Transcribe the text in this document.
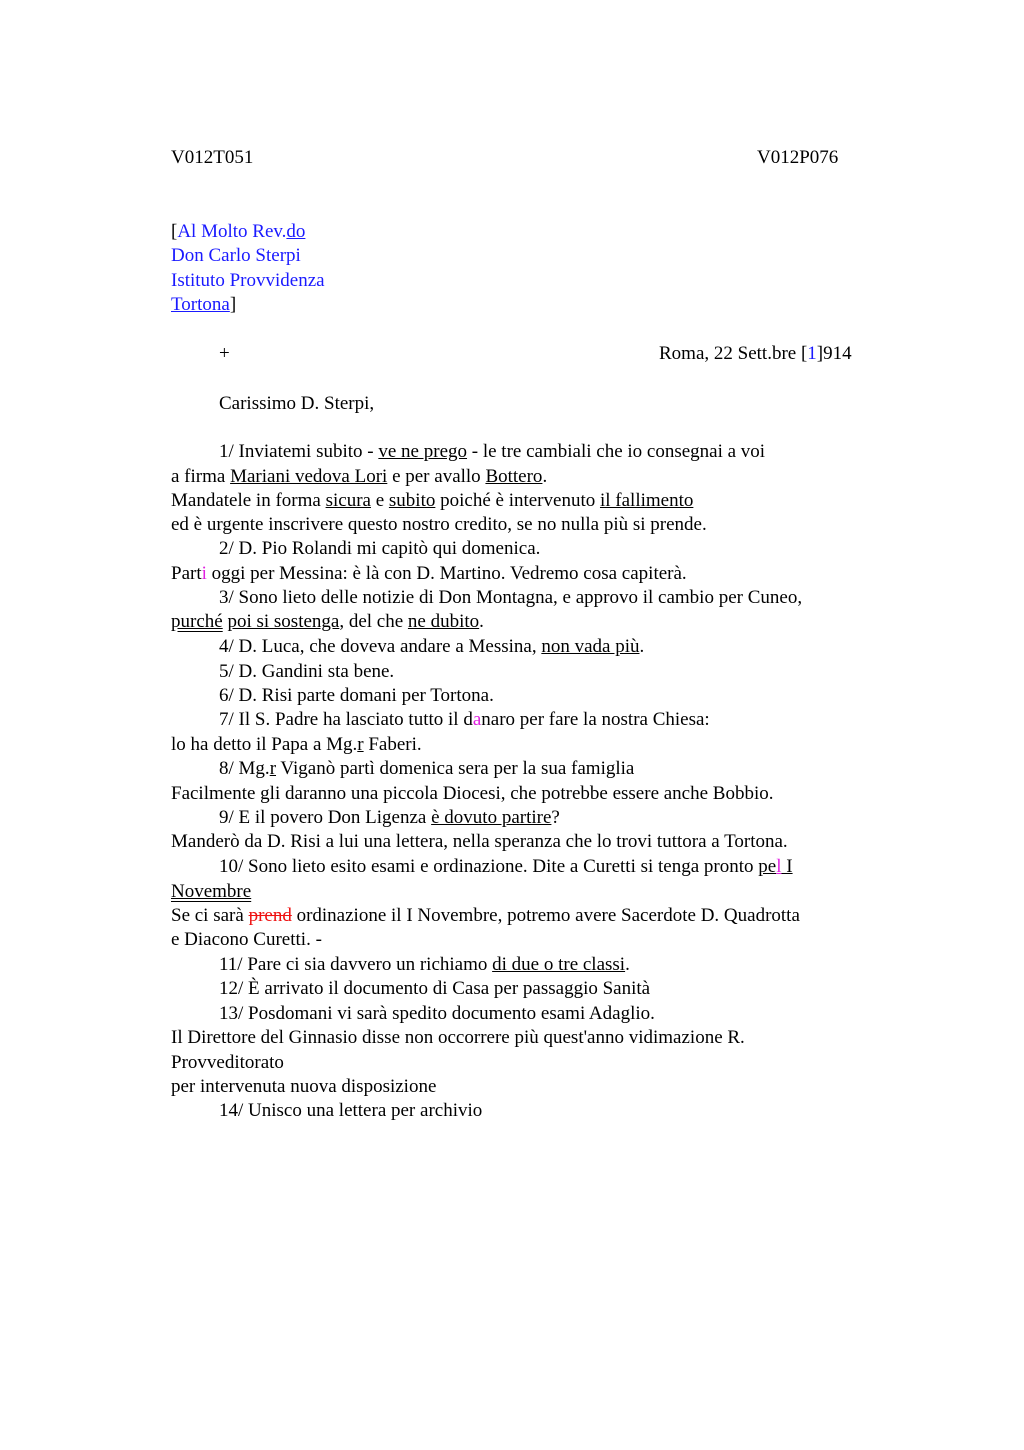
V012T051	V012P076
[Al Molto Rev.do
Don Carlo Sterpi
Istituto Provvidenza
Tortona]
+	Roma, 22 Sett.bre [1]914
Carissimo D. Sterpi,
1/ Inviatemi subito - ve ne prego - le tre cambiali che io consegnai a voi
a firma Mariani vedova Lori e per avallo Bottero.
Mandatele in forma sicura e subito poiché è intervenuto il fallimento
ed è urgente inscrivere questo nostro credito, se no nulla più si prende.
2/ D. Pio Rolandi mi capitò qui domenica.
Parti oggi per Messina: è là con D. Martino. Vedremo cosa capiterà.
3/ Sono lieto delle notizie di Don Montagna, e approvo il cambio per Cuneo,
purché poi si sostenga, del che ne dubito.
4/ D. Luca, che doveva andare a Messina, non vada più.
5/ D. Gandini sta bene.
6/ D. Risi parte domani per Tortona.
7/ Il S. Padre ha lasciato tutto il danaro per fare la nostra Chiesa:
lo ha detto il Papa a Mg.r Faberi.
8/ Mg.r Viganò partì domenica sera per la sua famiglia
Facilmente gli daranno una piccola Diocesi, che potrebbe essere anche Bobbio.
9/ E il povero Don Ligenza è dovuto partire?
Manderò da D. Risi a lui una lettera, nella speranza che lo trovi tuttora a Tortona.
10/ Sono lieto esito esami e ordinazione. Dite a Curetti si tenga pronto pel I
Novembre
Se ci sarà prend ordinazione il I Novembre, potremo avere Sacerdote D. Quadrotta
e Diacono Curetti. -
11/ Pare ci sia davvero un richiamo di due o tre classi.
12/ È arrivato il documento di Casa per passaggio Sanità
13/ Posdomani vi sarà spedito documento esami Adaglio.
Il Direttore del Ginnasio disse non occorrere più quest'anno vidimazione R.
Provveditorato
per intervenuta nuova disposizione
14/ Unisco una lettera per archivio
